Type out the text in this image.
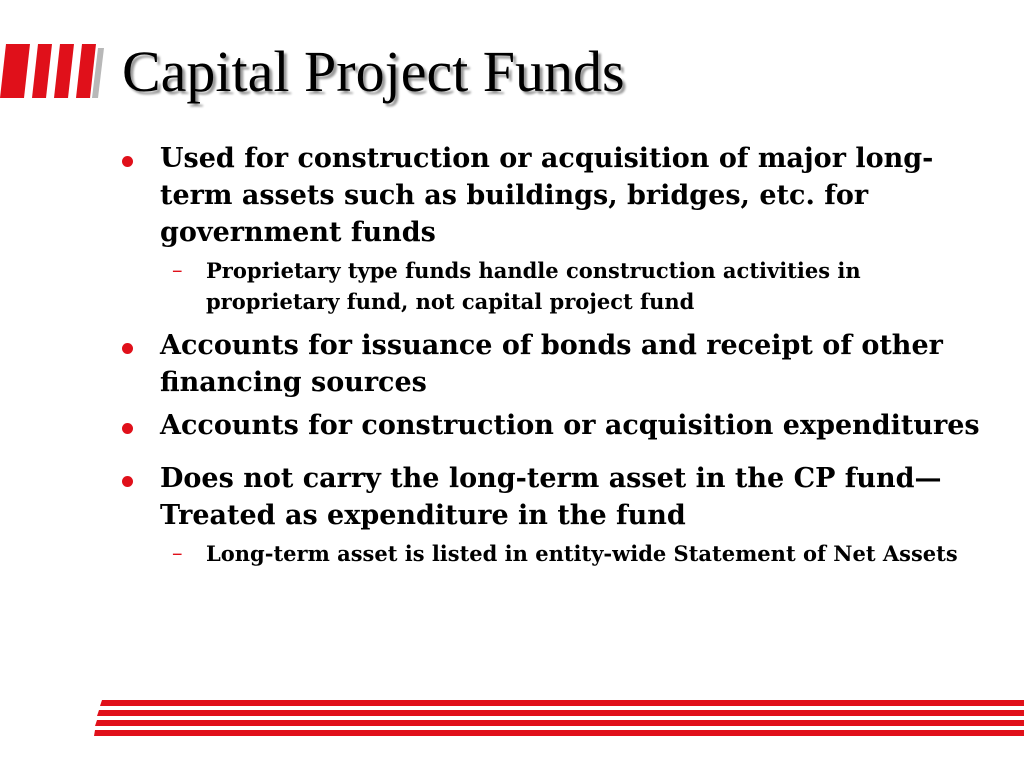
Capital Project Funds
Used for construction or acquisition of major long-term assets such as buildings, bridges, etc. for government funds
– Proprietary type funds handle construction activities in proprietary fund, not capital project fund
Accounts for issuance of bonds and receipt of other financing sources
Accounts for construction or acquisition expenditures
Does not carry the long-term asset in the CP fund—Treated as expenditure in the fund
– Long-term asset is listed in entity-wide Statement of Net Assets
